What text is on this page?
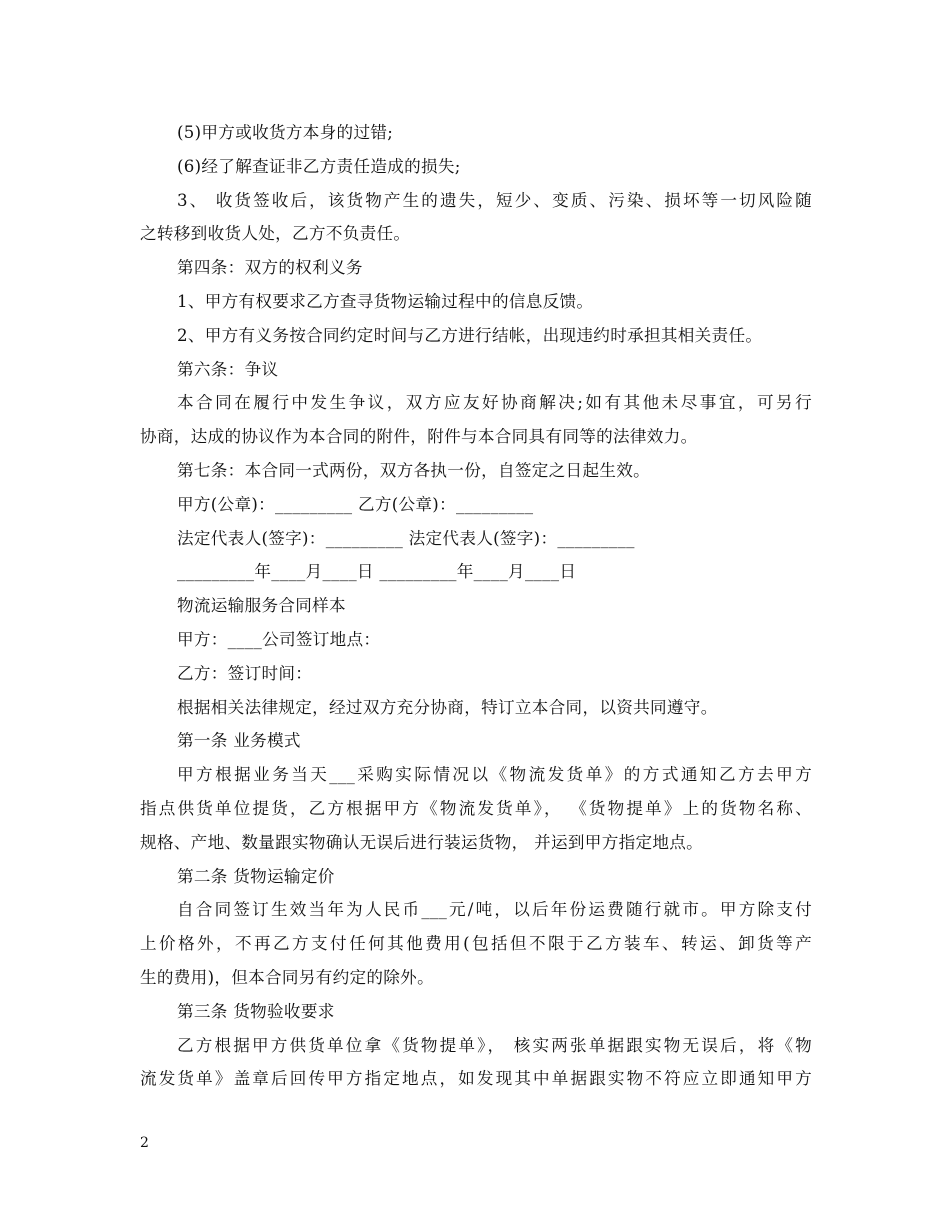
(5)甲方或收货方本身的过错;
(6)经了解查证非乙方责任造成的损失;
3、 收货签收后，该货物产生的遗失，短少、变质、污染、损坏等一切风险随
之转移到收货人处，乙方不负责任。
第四条：双方的权利义务
1、甲方有权要求乙方查寻货物运输过程中的信息反馈。
2、甲方有义务按合同约定时间与乙方进行结帐，出现违约时承担其相关责任。
第六条：争议
本合同在履行中发生争议，双方应友好协商解决;如有其他未尽事宜，可另行
协商，达成的协议作为本合同的附件，附件与本合同具有同等的法律效力。
第七条：本合同一式两份，双方各执一份，自签定之日起生效。
甲方(公章)：_________ 乙方(公章)：_________
法定代表人(签字)：_________ 法定代表人(签字)：_________
_________年____月____日 _________年____月____日
物流运输服务合同样本
甲方：____公司签订地点：
乙方：签订时间：
根据相关法律规定，经过双方充分协商，特订立本合同，以资共同遵守。
第一条 业务模式
甲方根据业务当天___采购实际情况以《物流发货单》的方式通知乙方去甲方
指点供货单位提货，乙方根据甲方《物流发货单》， 《货物提单》上的货物名称、
规格、产地、数量跟实物确认无误后进行装运货物， 并运到甲方指定地点。
第二条 货物运输定价
自合同签订生效当年为人民币___元/吨，以后年份运费随行就市。甲方除支付
上价格外，不再乙方支付任何其他费用(包括但不限于乙方装车、转运、卸货等产
生的费用)，但本合同另有约定的除外。
第三条 货物验收要求
乙方根据甲方供货单位拿《货物提单》， 核实两张单据跟实物无误后，将《物
流发货单》盖章后回传甲方指定地点，如发现其中单据跟实物不符应立即通知甲方
2
